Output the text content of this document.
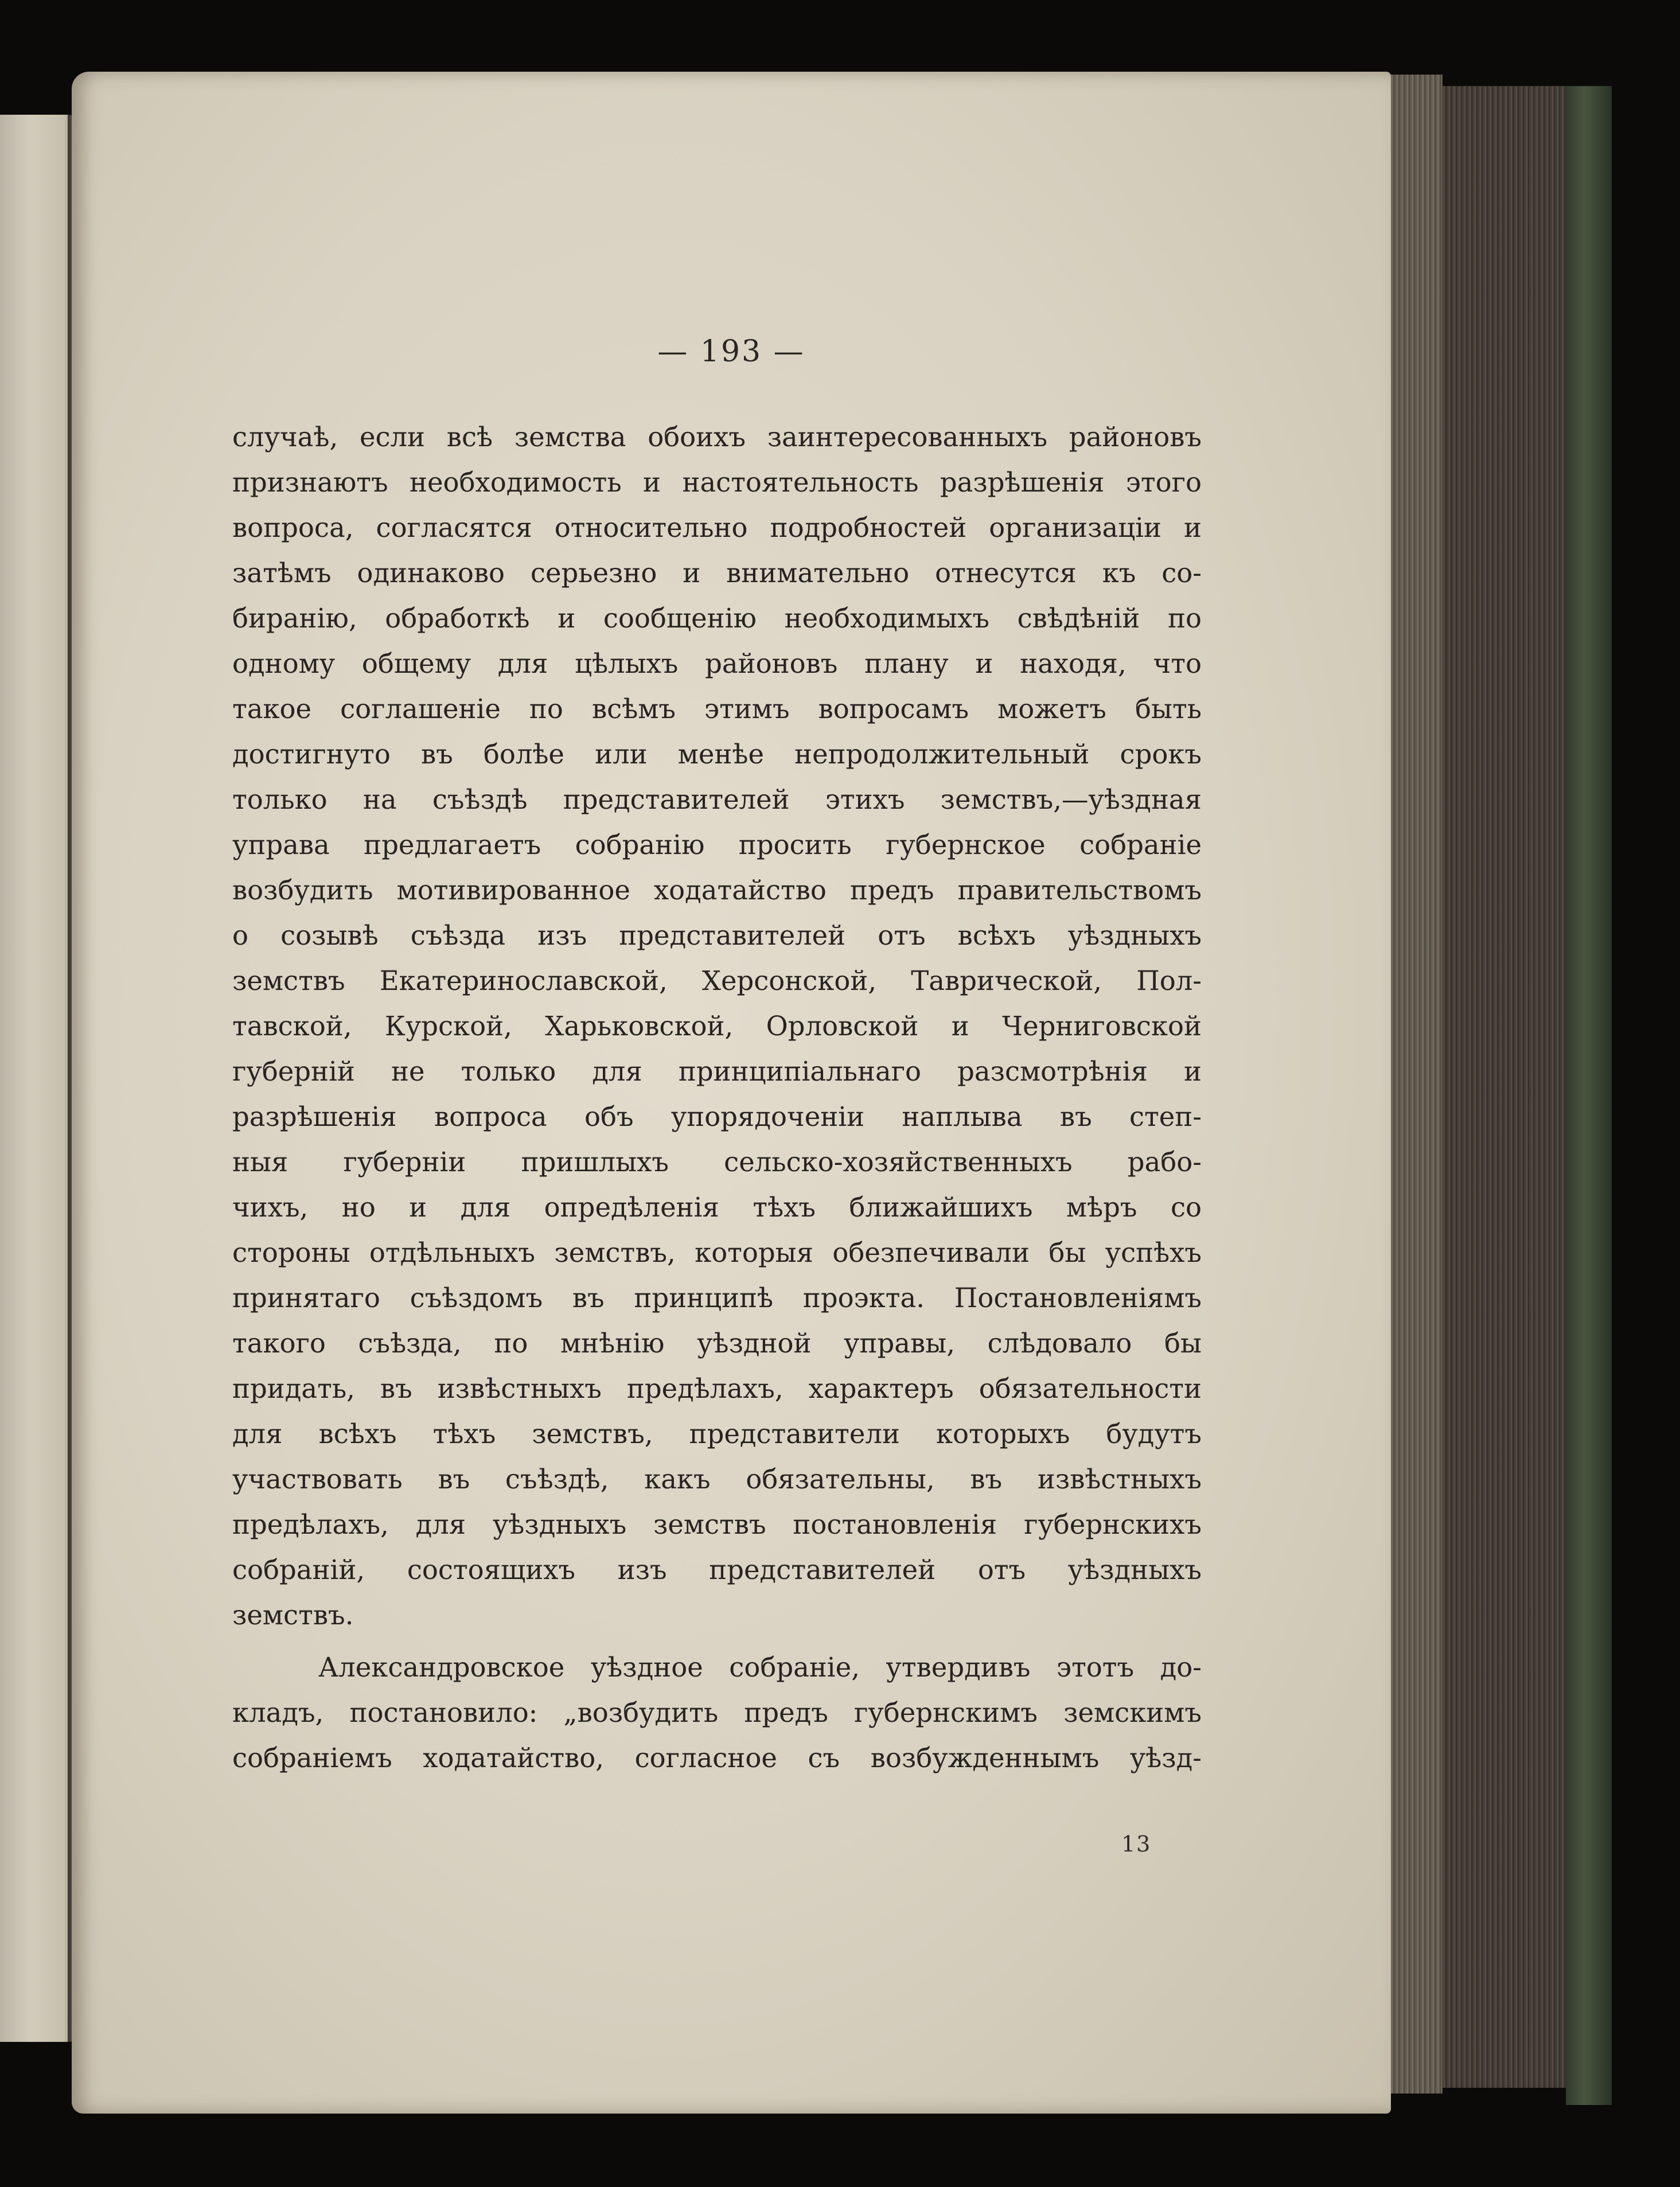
— 193 —
случаѣ, если всѣ земства обоихъ заинтересованныхъ районовъ
признаютъ необходимость и настоятельность разрѣшенія этого
вопроса, согласятся относительно подробностей организаціи и
затѣмъ одинаково серьезно и внимательно отнесутся къ со-
биранію, обработкѣ и сообщенію необходимыхъ свѣдѣній по
одному общему для цѣлыхъ районовъ плану и находя, что
такое соглашеніе по всѣмъ этимъ вопросамъ можетъ быть
достигнуто въ болѣе или менѣе непродолжительный срокъ
только на съѣздѣ представителей этихъ земствъ,—уѣздная
управа предлагаетъ собранію просить губернское собраніе
возбудить мотивированное ходатайство предъ правительствомъ
о созывѣ съѣзда изъ представителей отъ всѣхъ уѣздныхъ
земствъ Екатеринославской, Херсонской, Таврической, Пол-
тавской, Курской, Харьковской, Орловской и Черниговской
губерній не только для принципіальнаго разсмотрѣнія и
разрѣшенія вопроса объ упорядоченіи наплыва въ степ-
ныя губерніи пришлыхъ сельско-хозяйственныхъ рабо-
чихъ, но и для опредѣленія тѣхъ ближайшихъ мѣръ со
стороны отдѣльныхъ земствъ, которыя обезпечивали бы успѣхъ
принятаго съѣздомъ въ принципѣ проэкта. Постановленіямъ
такого съѣзда, по мнѣнію уѣздной управы, слѣдовало бы
придать, въ извѣстныхъ предѣлахъ, характеръ обязательности
для всѣхъ тѣхъ земствъ, представители которыхъ будутъ
участвовать въ съѣздѣ, какъ обязательны, въ извѣстныхъ
предѣлахъ, для уѣздныхъ земствъ постановленія губернскихъ
собраній, состоящихъ изъ представителей отъ уѣздныхъ
земствъ.
Александровское уѣздное собраніе, утвердивъ этотъ до-
кладъ, постановило: „возбудить предъ губернскимъ земскимъ
собраніемъ ходатайство, согласное съ возбужденнымъ уѣзд-
13
